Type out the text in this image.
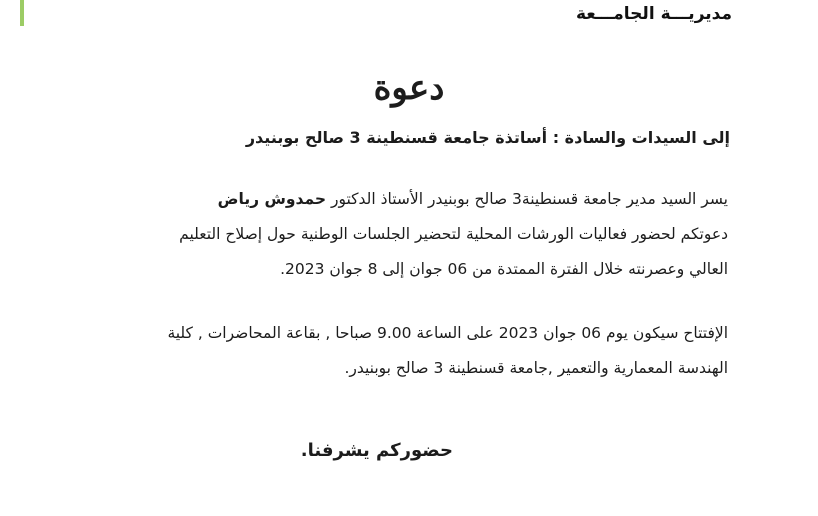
مديريـــة الجامـــعة
دعوة
إلى السيدات والسادة : أساتذة جامعة قسنطينة 3 صالح بوبنيدر
يسر السيد مدير جامعة قسنطينة3 صالح بوبنيدر الأستاذ الدكتور حمدوش رياض
دعوتكم لحضور فعاليات الورشات المحلية لتحضير الجلسات الوطنية حول إصلاح التعليم
العالي وعصرنته خلال الفترة الممتدة من 06 جوان إلى 8 جوان 2023.
الإفتتاح سيكون يوم 06 جوان 2023 على الساعة 9.00 صباحا , بقاعة المحاضرات , كلية
الهندسة المعمارية والتعمير ,جامعة قسنطينة 3 صالح بوبنيدر.
حضوركم يشرفنا.
